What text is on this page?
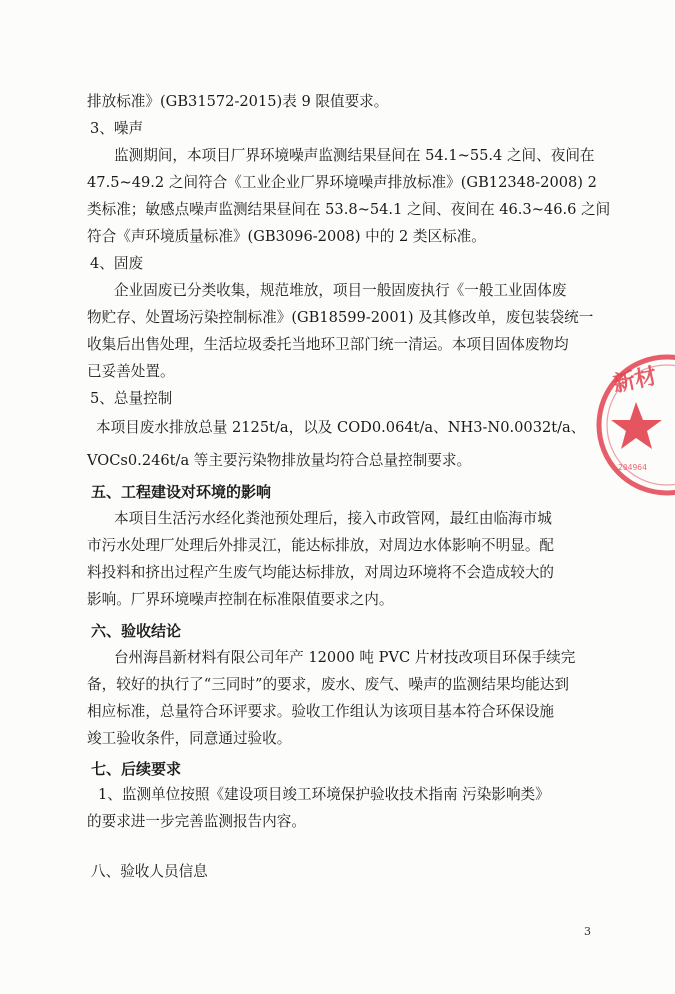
排放标准》(GB31572-2015)表 9 限值要求。
3、噪声
监测期间，本项目厂界环境噪声监测结果昼间在 54.1~55.4 之间、夜间在
47.5~49.2 之间符合《工业企业厂界环境噪声排放标准》(GB12348-2008) 2
类标准；敏感点噪声监测结果昼间在 53.8~54.1 之间、夜间在 46.3~46.6 之间
符合《声环境质量标准》(GB3096-2008) 中的 2 类区标准。
4、固废
企业固废已分类收集，规范堆放，项目一般固废执行《一般工业固体废
物贮存、处置场污染控制标准》(GB18599-2001) 及其修改单，废包装袋统一
收集后出售处理，生活垃圾委托当地环卫部门统一清运。本项目固体废物均
已妥善处置。
5、总量控制
本项目废水排放总量 2125t/a，以及 COD0.064t/a、NH3-N0.0032t/a、
VOCs0.246t/a 等主要污染物排放量均符合总量控制要求。
五、工程建设对环境的影响
本项目生活污水经化粪池预处理后，接入市政管网，最红由临海市城
市污水处理厂处理后外排灵江，能达标排放，对周边水体影响不明显。配
料投料和挤出过程产生废气均能达标排放，对周边环境将不会造成较大的
影响。厂界环境噪声控制在标准限值要求之内。
六、验收结论
台州海昌新材料有限公司年产 12000 吨 PVC 片材技改项目环保手续完
备，较好的执行了“三同时”的要求，废水、废气、噪声的监测结果均能达到
相应标准，总量符合环评要求。验收工作组认为该项目基本符合环保设施
竣工验收条件，同意通过验收。
七、后续要求
1、监测单位按照《建设项目竣工环境保护验收技术指南 污染影响类》
的要求进一步完善监测报告内容。
八、验收人员信息
3
新材
204964
